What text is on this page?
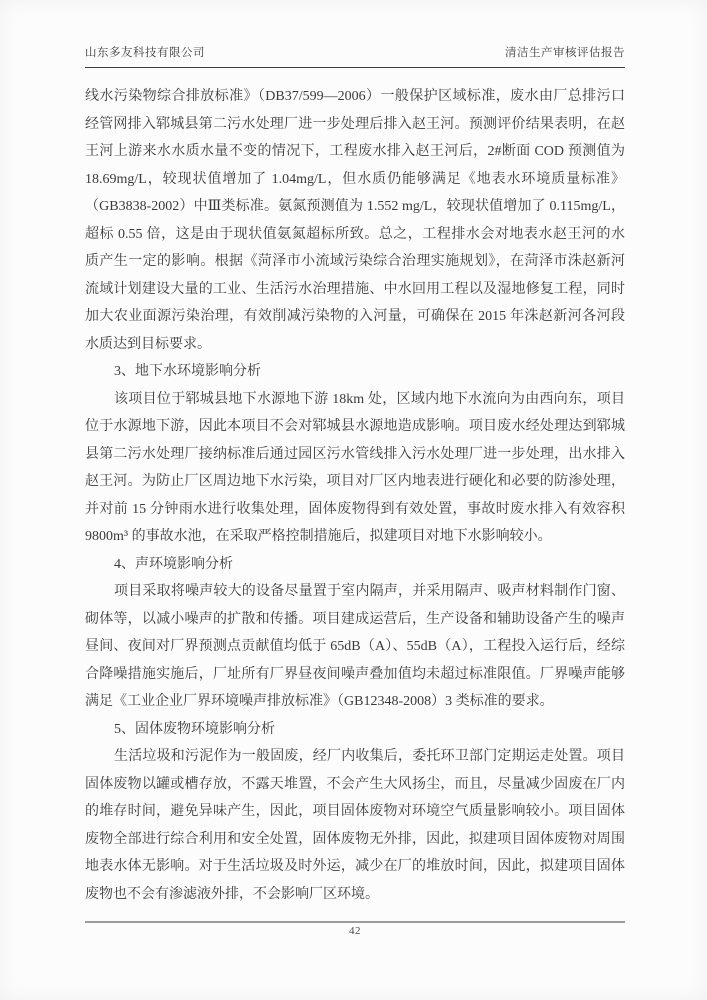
山东多友科技有限公司	清洁生产审核评估报告
线水污染物综合排放标准》（DB37/599—2006）一般保护区域标准，废水由厂总排污口
经管网排入郓城县第二污水处理厂进一步处理后排入赵王河。预测评价结果表明，在赵
王河上游来水水质水量不变的情况下，工程废水排入赵王河后，2#断面 COD 预测值为
18.69mg/L，较现状值增加了 1.04mg/L，但水质仍能够满足《地表水环境质量标准》
（GB3838-2002）中Ⅲ类标准。氨氮预测值为 1.552 mg/L，较现状值增加了 0.115mg/L，
超标 0.55 倍，这是由于现状值氨氮超标所致。总之，工程排水会对地表水赵王河的水
质产生一定的影响。根据《菏泽市小流域污染综合治理实施规划》，在菏泽市洙赵新河
流域计划建设大量的工业、生活污水治理措施、中水回用工程以及湿地修复工程，同时
加大农业面源污染治理，有效削减污染物的入河量，可确保在 2015 年洙赵新河各河段
水质达到目标要求。
3、地下水环境影响分析
该项目位于郓城县地下水源地下游 18km 处，区域内地下水流向为由西向东，项目
位于水源地下游，因此本项目不会对郓城县水源地造成影响。项目废水经处理达到郓城
县第二污水处理厂接纳标准后通过园区污水管线排入污水处理厂进一步处理，出水排入
赵王河。为防止厂区周边地下水污染，项目对厂区内地表进行硬化和必要的防渗处理，
并对前 15 分钟雨水进行收集处理，固体废物得到有效处置，事故时废水排入有效容积
9800m³ 的事故水池，在采取严格控制措施后，拟建项目对地下水影响较小。
4、声环境影响分析
项目采取将噪声较大的设备尽量置于室内隔声，并采用隔声、吸声材料制作门窗、
砌体等，以减小噪声的扩散和传播。项目建成运营后，生产设备和辅助设备产生的噪声
昼间、夜间对厂界预测点贡献值均低于 65dB（A）、55dB（A），工程投入运行后，经综
合降噪措施实施后，厂址所有厂界昼夜间噪声叠加值均未超过标准限值。厂界噪声能够
满足《工业企业厂界环境噪声排放标准》（GB12348-2008）3 类标准的要求。
5、固体废物环境影响分析
生活垃圾和污泥作为一般固废，经厂内收集后，委托环卫部门定期运走处置。项目
固体废物以罐或槽存放，不露天堆置，不会产生大风扬尘，而且，尽量减少固废在厂内
的堆存时间，避免异味产生，因此，项目固体废物对环境空气质量影响较小。项目固体
废物全部进行综合利用和安全处置，固体废物无外排，因此，拟建项目固体废物对周围
地表水体无影响。对于生活垃圾及时外运，减少在厂的堆放时间，因此，拟建项目固体
废物也不会有渗滤液外排，不会影响厂区环境。
42
